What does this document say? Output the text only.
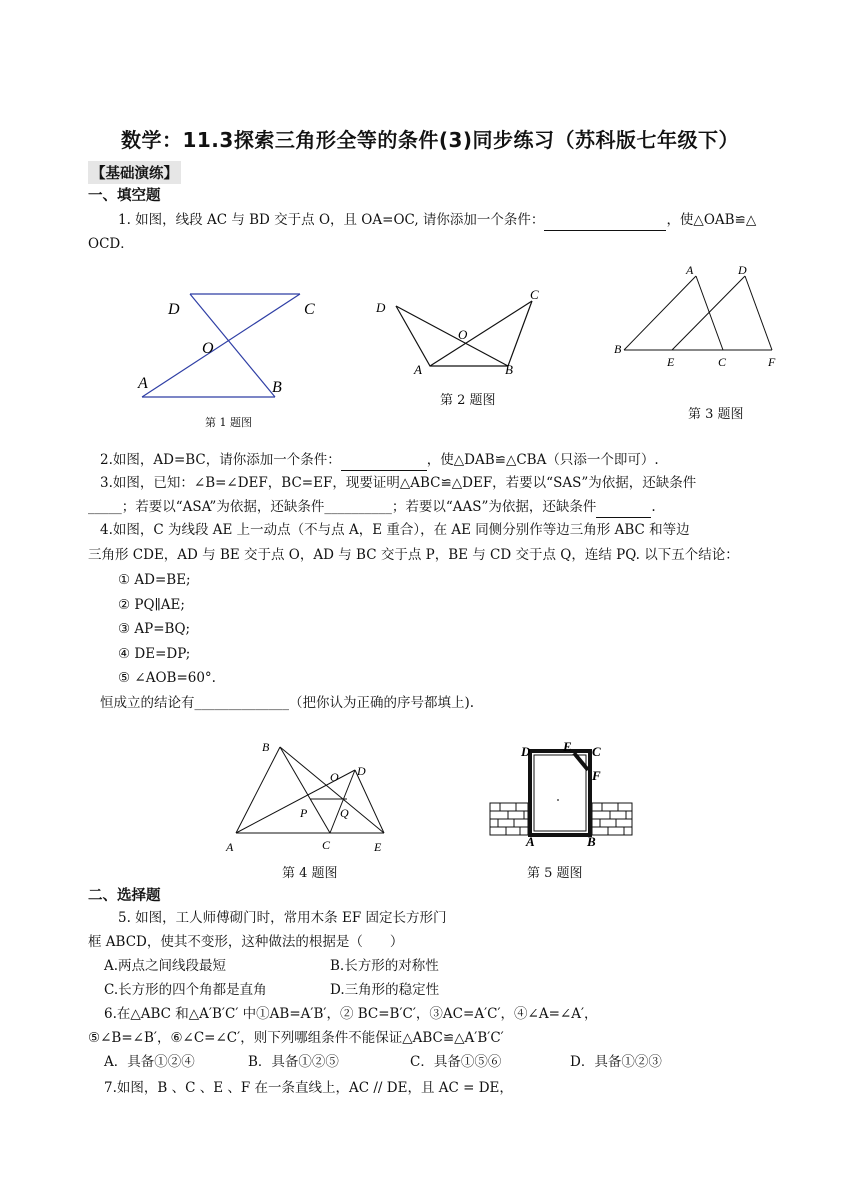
数学：11.3探索三角形全等的条件(3)同步练习（苏科版七年级下）
【基础演练】
一、填空题
1. 如图，线段 AC 与 BD 交于点 O，且 OA=OC, 请你添加一个条件：	，使△OAB≌△
OCD．
D	C
O
A	B
第 1 题图
D
C
O
A	B
第 2 题图
A	D
B
E	C	F
第 3 题图
2.如图，AD=BC，请你添加一个条件：	，使△DAB≌△CBA（只添一个即可）.
3.如图，已知：∠B=∠DEF，BC=EF，现要证明△ABC≌△DEF，若要以“SAS”为依据，还缺条件
_____；若要以“ASA”为依据，还缺条件__________；若要以“AAS”为依据，还缺条件	.
4.如图，C 为线段 AE 上一动点（不与点 A，E 重合），在 AE 同侧分别作等边三角形 ABC 和等边
三角形 CDE，AD 与 BE 交于点 O，AD 与 BC 交于点 P，BE 与 CD 交于点 Q，连结 PQ. 以下五个结论：
① AD=BE;
② PQ∥AE;
③ AP=BQ;
④ DE=DP;
⑤ ∠AOB=60°.
恒成立的结论有______________（把你认为正确的序号都填上).
B
O D
P	Q
A	C	E
第 4 题图
D	E C
F
A	B
第 5 题图
二、选择题
5. 如图，工人师傅砌门时，常用木条 EF 固定长方形门
框 ABCD，使其不变形，这种做法的根据是（　　）
A.两点之间线段最短	B.长方形的对称性
C.长方形的四个角都是直角	D.三角形的稳定性
6.在△ABC 和△A′B′C′ 中①AB=A′B′，② BC=B′C′，③AC=A′C′，④∠A=∠A′，
⑤∠B=∠B′，⑥∠C=∠C′，则下列哪组条件不能保证△ABC≌△A′B′C′
A．具备①②④	B．具备①②⑤	C．具备①⑤⑥	D．具备①②③
7.如图，B 、C 、E 、F 在一条直线上，AC // DE，且 AC = DE，
